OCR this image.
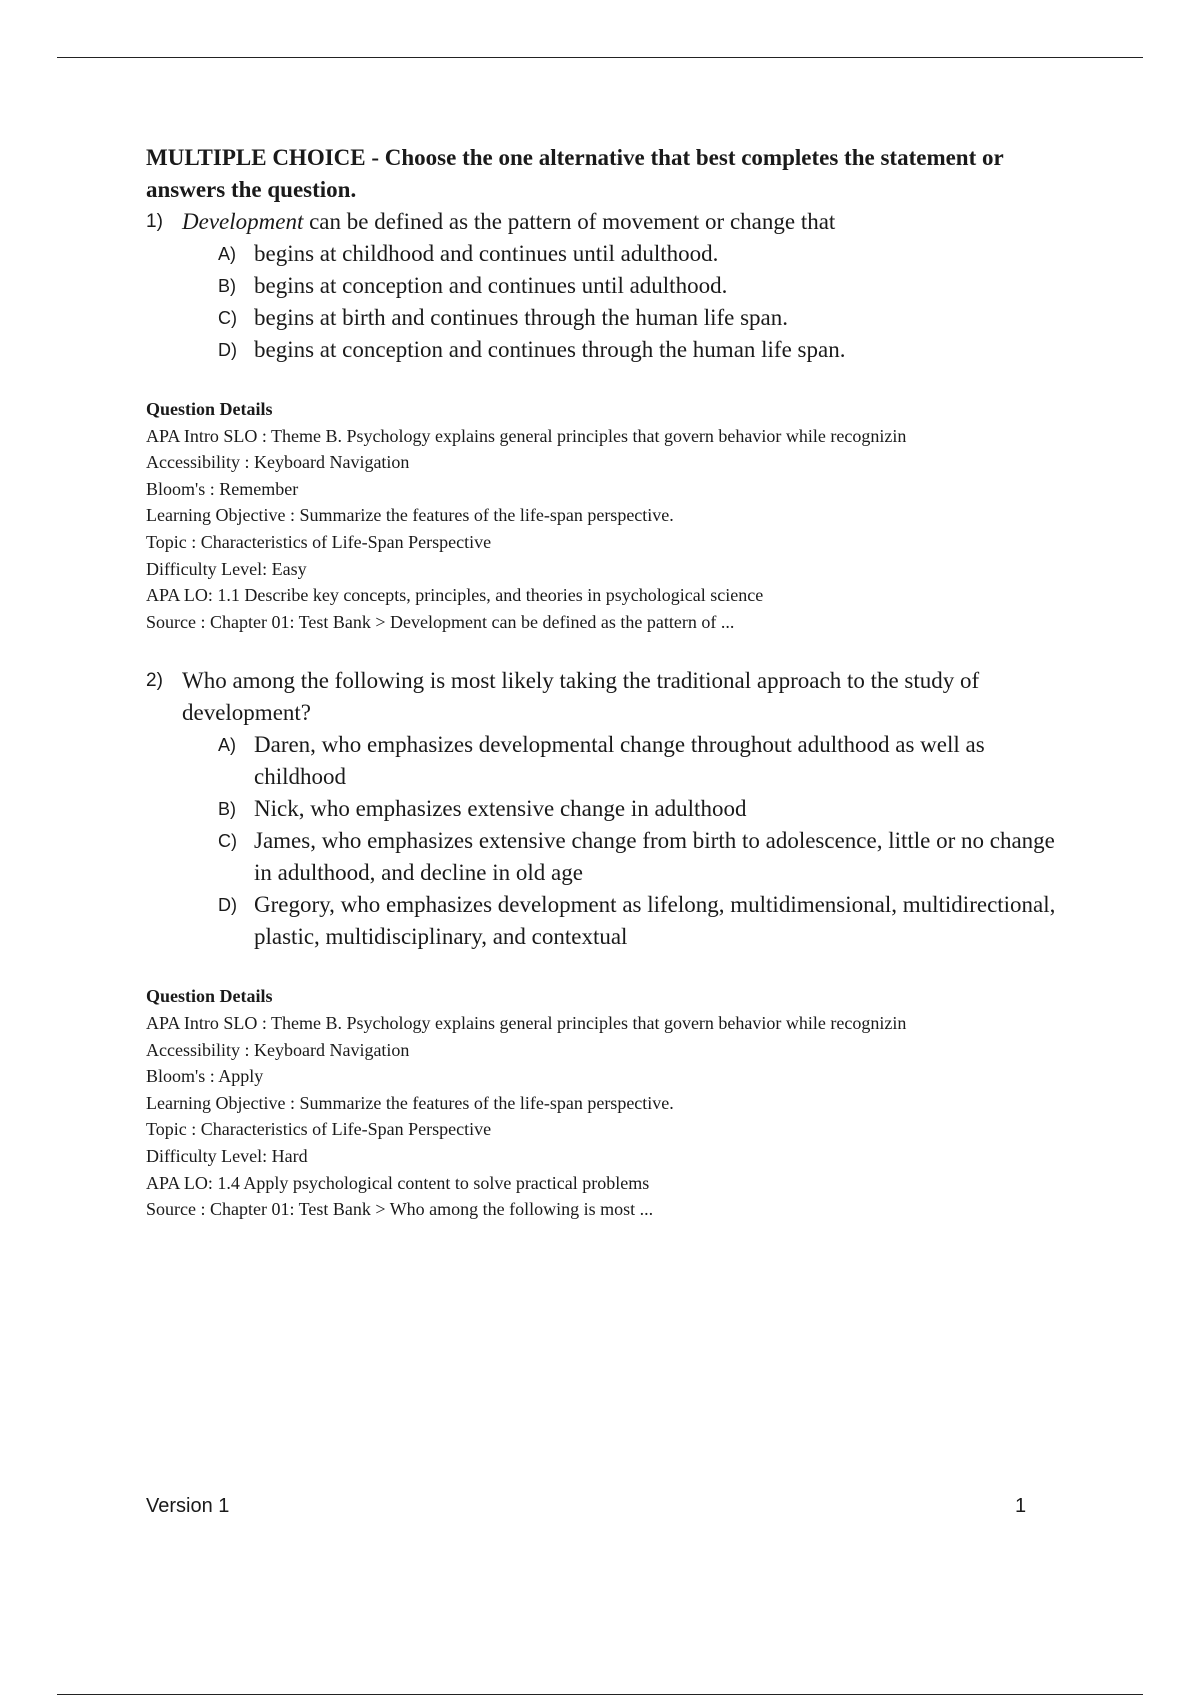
MULTIPLE CHOICE - Choose the one alternative that best completes the statement or
answers the question.
1) Development can be defined as the pattern of movement or change that
A) begins at childhood and continues until adulthood.
B) begins at conception and continues until adulthood.
C) begins at birth and continues through the human life span.
D) begins at conception and continues through the human life span.
Question Details
APA Intro SLO : Theme B. Psychology explains general principles that govern behavior while recognizin
Accessibility : Keyboard Navigation
Bloom's : Remember
Learning Objective : Summarize the features of the life-span perspective.
Topic : Characteristics of Life-Span Perspective
Difficulty Level: Easy
APA LO: 1.1 Describe key concepts, principles, and theories in psychological science
Source : Chapter 01: Test Bank > Development can be defined as the pattern of ...
2) Who among the following is most likely taking the traditional approach to the study of development?
A) Daren, who emphasizes developmental change throughout adulthood as well as childhood
B) Nick, who emphasizes extensive change in adulthood
C) James, who emphasizes extensive change from birth to adolescence, little or no change in adulthood, and decline in old age
D) Gregory, who emphasizes development as lifelong, multidimensional, multidirectional, plastic, multidisciplinary, and contextual
Question Details
APA Intro SLO : Theme B. Psychology explains general principles that govern behavior while recognizin
Accessibility : Keyboard Navigation
Bloom's : Apply
Learning Objective : Summarize the features of the life-span perspective.
Topic : Characteristics of Life-Span Perspective
Difficulty Level: Hard
APA LO: 1.4 Apply psychological content to solve practical problems
Source : Chapter 01: Test Bank > Who among the following is most ...
Version 1	1
